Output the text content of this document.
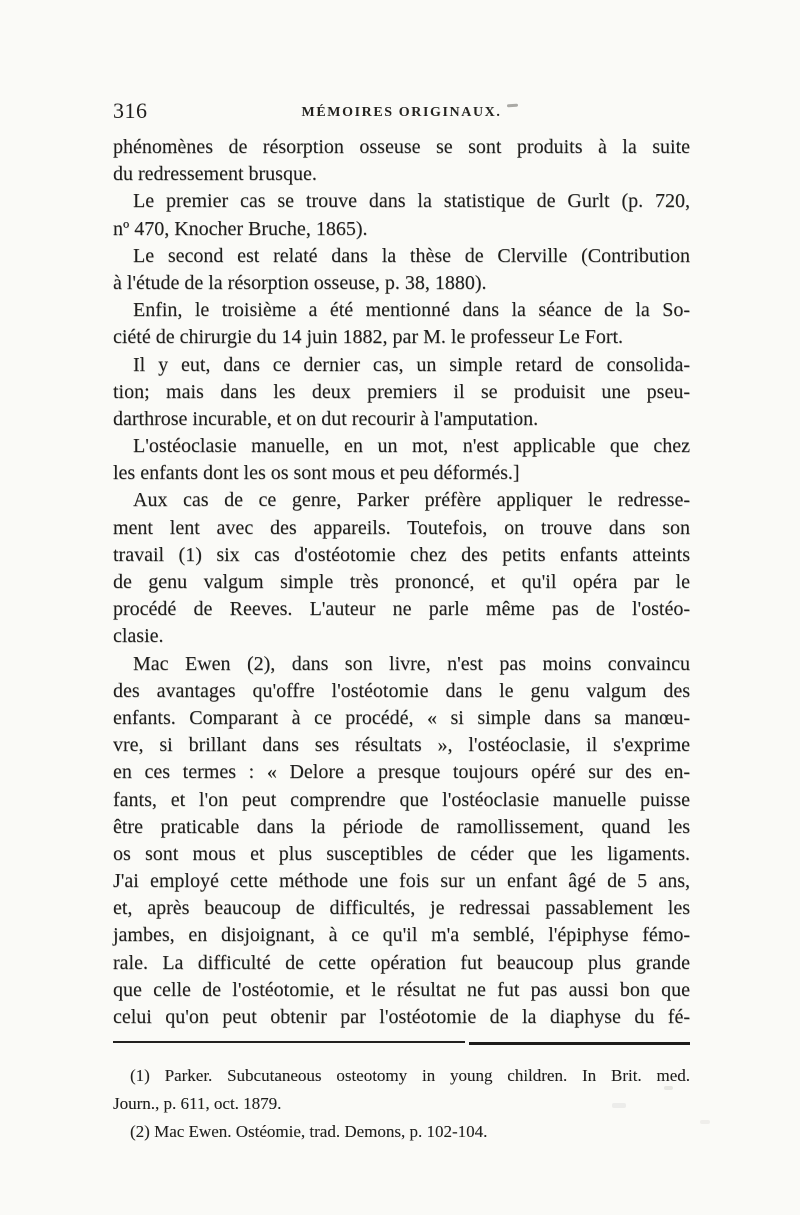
316	MÉMOIRES ORIGINAUX.
phénomènes de résorption osseuse se sont produits à la suite
du redressement brusque.
Le premier cas se trouve dans la statistique de Gurlt (p. 720,
nº 470, Knocher Bruche, 1865).
Le second est relaté dans la thèse de Clerville (Contribution
à l'étude de la résorption osseuse, p. 38, 1880).
Enfin, le troisième a été mentionné dans la séance de la So-
ciété de chirurgie du 14 juin 1882, par M. le professeur Le Fort.
Il y eut, dans ce dernier cas, un simple retard de consolida-
tion; mais dans les deux premiers il se produisit une pseu-
darthrose incurable, et on dut recourir à l'amputation.
L'ostéoclasie manuelle, en un mot, n'est applicable que chez
les enfants dont les os sont mous et peu déformés.]
Aux cas de ce genre, Parker préfère appliquer le redresse-
ment lent avec des appareils. Toutefois, on trouve dans son
travail (1) six cas d'ostéotomie chez des petits enfants atteints
de genu valgum simple très prononcé, et qu'il opéra par le
procédé de Reeves. L'auteur ne parle même pas de l'ostéo-
clasie.
Mac Ewen (2), dans son livre, n'est pas moins convaincu
des avantages qu'offre l'ostéotomie dans le genu valgum des
enfants. Comparant à ce procédé, « si simple dans sa manœu-
vre, si brillant dans ses résultats », l'ostéoclasie, il s'exprime
en ces termes : « Delore a presque toujours opéré sur des en-
fants, et l'on peut comprendre que l'ostéoclasie manuelle puisse
être praticable dans la période de ramollissement, quand les
os sont mous et plus susceptibles de céder que les ligaments.
J'ai employé cette méthode une fois sur un enfant âgé de 5 ans,
et, après beaucoup de difficultés, je redressai passablement les
jambes, en disjoignant, à ce qu'il m'a semblé, l'épiphyse fémo-
rale. La difficulté de cette opération fut beaucoup plus grande
que celle de l'ostéotomie, et le résultat ne fut pas aussi bon que
celui qu'on peut obtenir par l'ostéotomie de la diaphyse du fé-
(1) Parker. Subcutaneous osteotomy in young children. In Brit. med.
Journ., p. 611, oct. 1879.
(2) Mac Ewen. Ostéomie, trad. Demons, p. 102-104.
